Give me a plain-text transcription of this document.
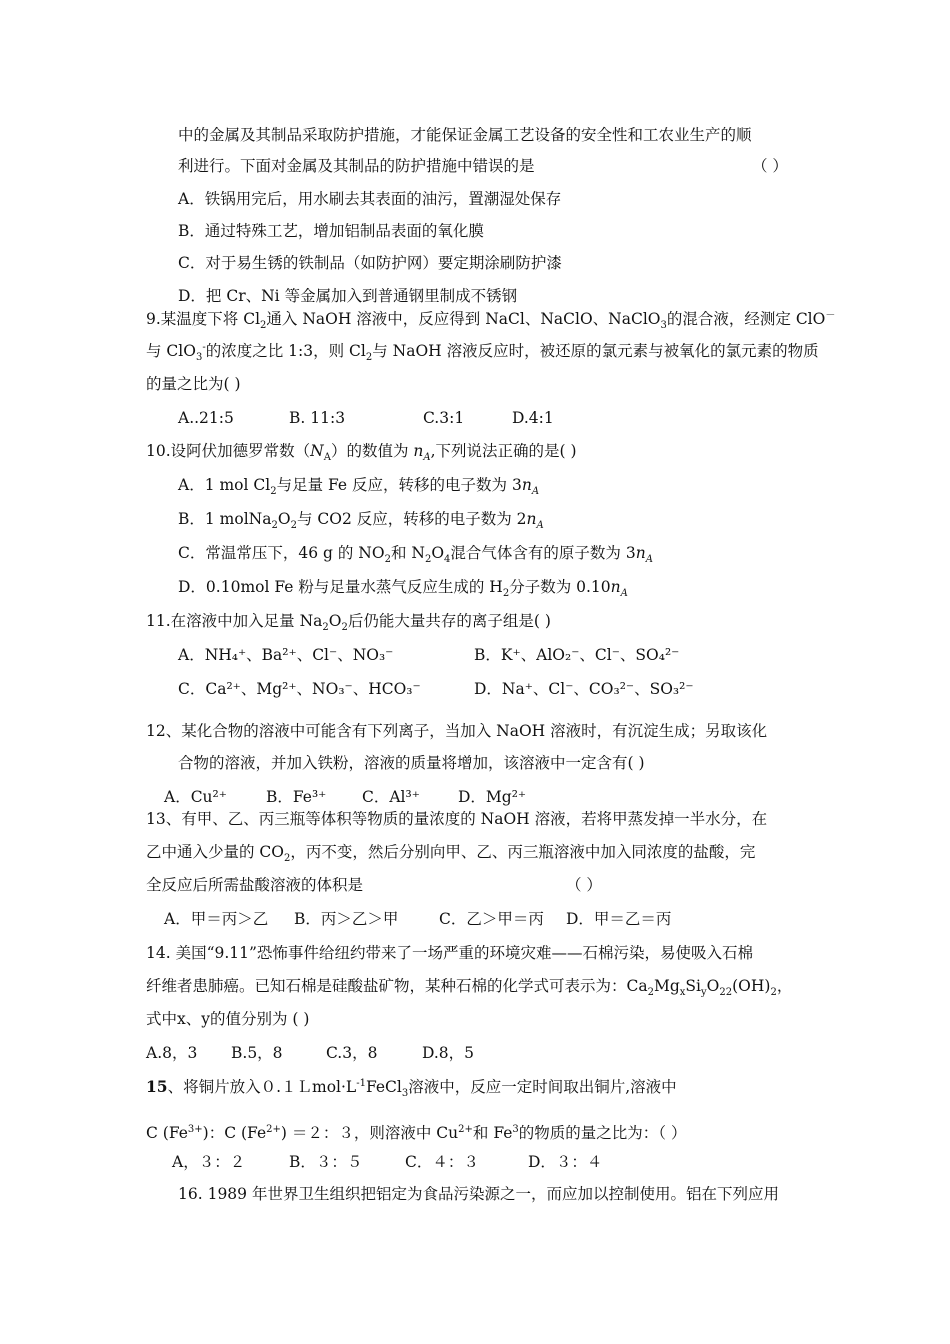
中的金属及其制品采取防护措施，才能保证金属工艺设备的安全性和工农业生产的顺
利进行。下面对金属及其制品的防护措施中错误的是	（ ）
A．铁锅用完后，用水刷去其表面的油污，置潮湿处保存
B．通过特殊工艺，增加铝制品表面的氧化膜
C．对于易生锈的铁制品（如防护网）要定期涂刷防护漆
D．把 Cr、Ni 等金属加入到普通钢里制成不锈钢
9.某温度下将 $Cl_2$通入 NaOH 溶液中，反应得到 NaCl、NaClO、NaClO$_3$的混合液，经测定 ClO－
与 ClO$_3$-的浓度之比 1:3，则 $Cl_2$与 NaOH 溶液反应时，被还原的氯元素与被氧化的氯元素的物质
的量之比为( )
A..21:5	B. 11:3	C.3:1	D.4:1
10.设阿伏加德罗常数$(N_A)$的数值为 $n_A$,下列说法正确的是( )
A．1 mol $Cl_2$与足量 Fe 反应，转移的电子数为 $3n_A$
B．1 $molNa_2O_2$与 CO2 反应，转移的电子数为 $2n_A$
C．常温常压下，46 g 的 $NO_2$和 $N_2O_4$混合气体含有的原子数为 $3n_A$
D．0.10mol Fe 粉与足量水蒸气反应生成的 $H_2$分子数为 $0.10n_A$
11.在溶液中加入足量 $Na_2O_2$后仍能大量共存的离子组是( )
A．NH₄⁺、Ba²⁺、Cl⁻、NO₃⁻	B．K⁺、AlO₂⁻、Cl⁻、SO₄²⁻
C．Ca²⁺、Mg²⁺、NO₃⁻、HCO₃⁻	D．Na⁺、Cl⁻、CO₃²⁻、SO₃²⁻
12、某化合物的溶液中可能含有下列离子，当加入 NaOH 溶液时，有沉淀生成；另取该化
合物的溶液，并加入铁粉，溶液的质量将增加，该溶液中一定含有( )
A．Cu²⁺	B．Fe³⁺ C．Al³⁺ D．Mg²⁺
13、有甲、乙、丙三瓶等体积等物质的量浓度的 NaOH 溶液，若将甲蒸发掉一半水分，在
乙中通入少量的 $CO_2$，丙不变，然后分别向甲、乙、丙三瓶溶液中加入同浓度的盐酸，完
全反应后所需盐酸溶液的体积是	（ ）
A．甲＝丙＞乙 B．丙＞乙＞甲	C．乙＞甲＝丙 D．甲＝乙＝丙
14. 美国“9.11”恐怖事件给纽约带来了一场严重的环境灾难——石棉污染，易使吸入石棉
纤维者患肺癌。已知石棉是硅酸盐矿物，某种石棉的化学式可表示为：$Ca_2Mg_xSi_yO_{22}(OH)_2$，
式中x、y的值分别为 ( )
A.8，3 B.5，8	C.3，8	D.8，5
15、将铜片放入$0.1Lmol\cdot L^{-1}FeCl_3$溶液中，反应一定时间取出铜片,溶液中
C $(Fe^{3+})$：C $(Fe^{2+}) =2$：３，则溶液中 $Cu^{2+}$和 Fe$^3$的物质的量之比为：（ ）
A，３：２	B．３：５	C．４：３	D．３：４
16. 1989 年世界卫生组织把铝定为食品污染源之一，而应加以控制使用。铝在下列应用
